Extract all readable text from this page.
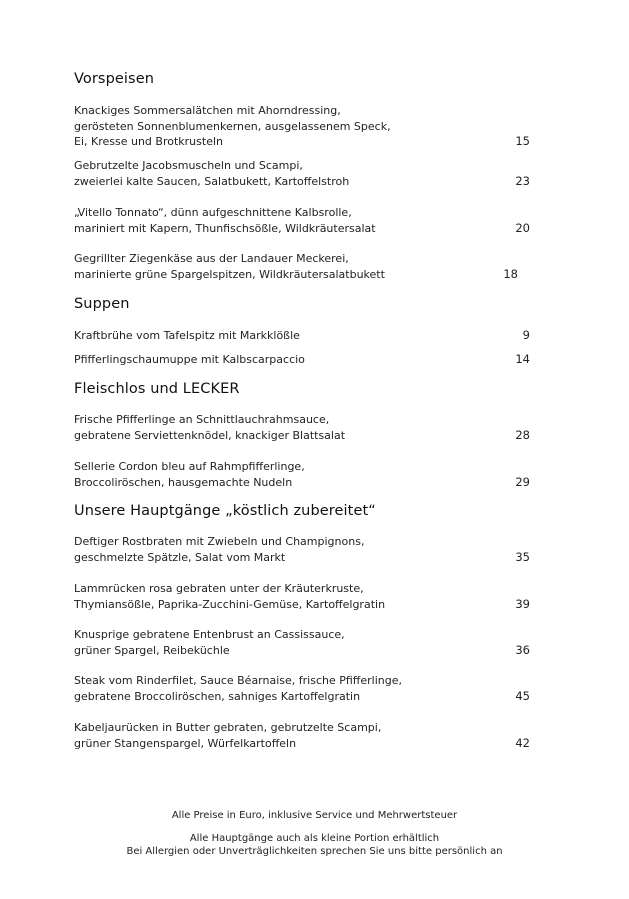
Vorspeisen
Knackiges Sommersalätchen mit Ahorndressing,
gerösteten Sonnenblumenkernen, ausgelassenem Speck,
Ei, Kresse und Brotkrusteln	15
Gebrutzelte Jacobsmuscheln und Scampi,
zweierlei kalte Saucen, Salatbukett, Kartoffelstroh	23
„Vitello Tonnato“, dünn aufgeschnittene Kalbsrolle,
mariniert mit Kapern, Thunfischsößle, Wildkräutersalat	20
Gegrillter Ziegenkäse aus der Landauer Meckerei,
marinierte grüne Spargelspitzen, Wildkräutersalatbukett	18
Suppen
Kraftbrühe vom Tafelspitz mit Markklößle	9
Pfifferlingschaumuppe mit Kalbscarpaccio	14
Fleischlos und LECKER
Frische Pfifferlinge an Schnittlauchrahmsauce,
gebratene Serviettenknödel, knackiger Blattsalat	28
Sellerie Cordon bleu auf Rahmpfifferlinge,
Broccoliröschen, hausgemachte Nudeln	29
Unsere Hauptgänge „köstlich zubereitet“
Deftiger Rostbraten mit Zwiebeln und Champignons,
geschmelzte Spätzle, Salat vom Markt	35
Lammrücken rosa gebraten unter der Kräuterkruste,
Thymiansößle, Paprika-Zucchini-Gemüse, Kartoffelgratin	39
Knusprige gebratene Entenbrust an Cassissauce,
grüner Spargel, Reibeküchle	36
Steak vom Rinderfilet, Sauce Béarnaise, frische Pfifferlinge,
gebratene Broccoliröschen, sahniges Kartoffelgratin	45
Kabeljaurücken in Butter gebraten, gebrutzelte Scampi,
grüner Stangenspargel, Würfelkartoffeln	42
Alle Preise in Euro, inklusive Service und Mehrwertsteuer
Alle Hauptgänge auch als kleine Portion erhältlich
Bei Allergien oder Unverträglichkeiten sprechen Sie uns bitte persönlich an
